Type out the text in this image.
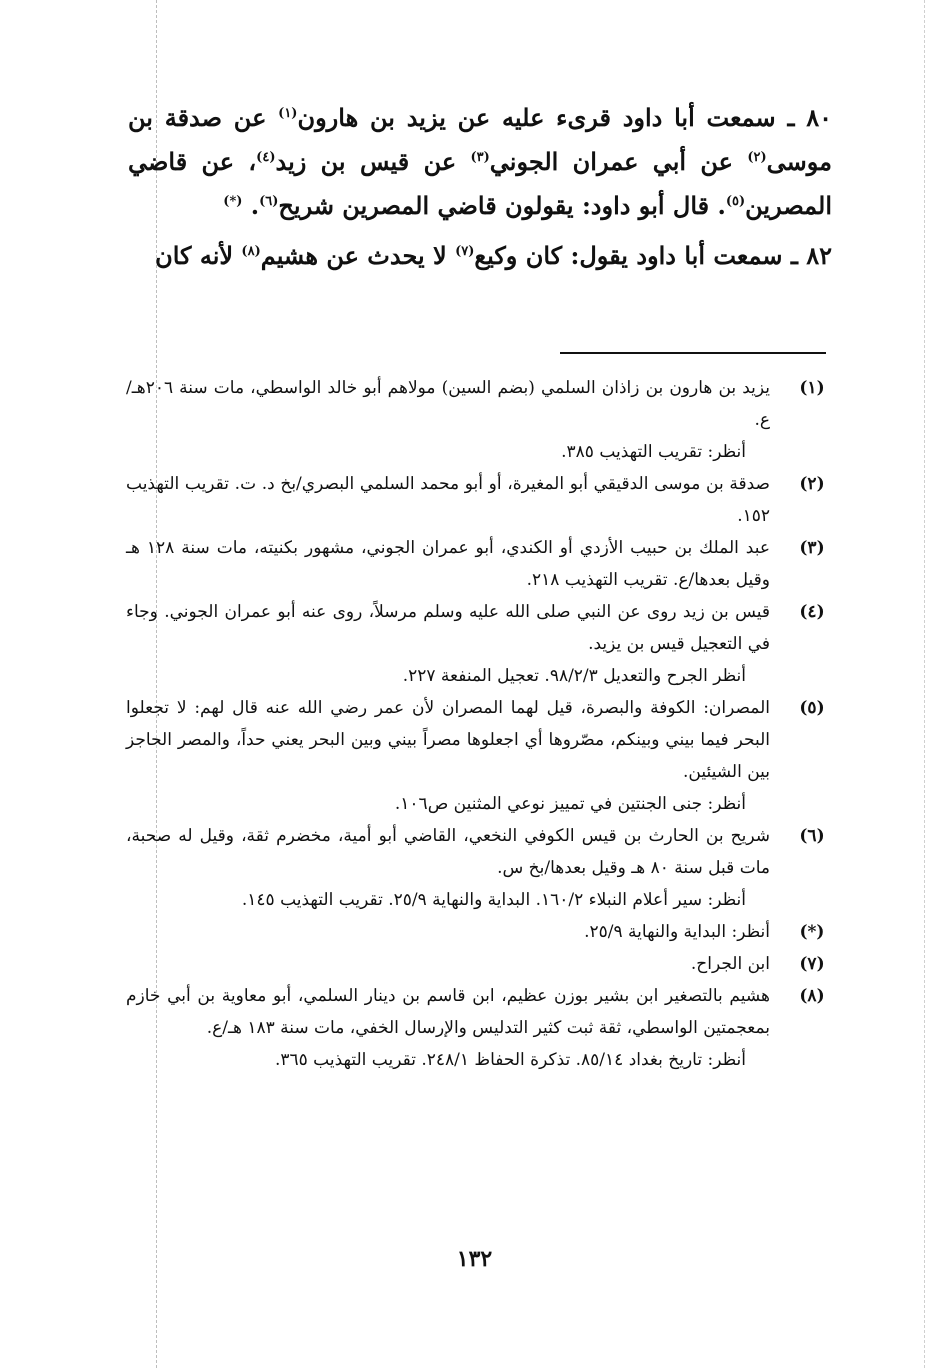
٨٠ ـ سمعت أبا داود قرىء عليه عن يزيد بن هارون$^{(١)}$ عن صدقة بن موسى$^{(٢)}$ عن أبي عمران الجوني$^{(٣)}$ عن قيس بن زيد$^{(٤)}$، عن قاضي المصرين$^{(٥)}$. قال أبو داود: يقولون قاضي المصرين شريح$^{(٦)}$. (*)

٨٢ ـ سمعت أبا داود يقول: كان وكيع$^{(٧)}$ لا يحدث عن هشيم$^{(٨)}$ لأنه كان

(١)
يزيد بن هارون بن زاذان السلمي (بضم السين) مولاهم أبو خالد الواسطي، مات سنة ٢٠٦هـ/ع.
أنظر: تقريب التهذيب ٣٨٥.
(٢)
صدقة بن موسى الدقيقي أبو المغيرة، أو أبو محمد السلمي البصري/بخ د. ت. تقريب التهذيب ١٥٢.
(٣)
عبد الملك بن حبيب الأزدي أو الكندي، أبو عمران الجوني، مشهور بكنيته، مات سنة ١٢٨ هـ وقيل بعدها/ع. تقريب التهذيب ٢١٨.
(٤)
قيس بن زيد روى عن النبي صلى الله عليه وسلم مرسلاً، روى عنه أبو عمران الجوني. وجاء في التعجيل قيس بن يزيد.
أنظر الجرح والتعديل ٩٨/٢/٣. تعجيل المنفعة ٢٢٧.
(٥)
المصران: الكوفة والبصرة، قيل لهما المصران لأن عمر رضي الله عنه قال لهم: لا تجعلوا البحر فيما بيني وبينكم، مصّروها أي اجعلوها مصراً بيني وبين البحر يعني حداً، والمصر الحاجز بين الشيئين.
أنظر: جنى الجنتين في تمييز نوعي المثنين ص١٠٦.
(٦)
شريح بن الحارث بن قيس الكوفي النخعي، القاضي أبو أمية، مخضرم ثقة، وقيل له صحبة، مات قبل سنة ٨٠ هـ وقيل بعدها/بخ س.
أنظر: سير أعلام النبلاء ١٦٠/٢. البداية والنهاية ٢٥/٩. تقريب التهذيب ١٤٥.
(*)
أنظر: البداية والنهاية ٢٥/٩.
(٧)
ابن الجراح.
(٨)
هشيم بالتصغير ابن بشير بوزن عظيم، ابن قاسم بن دينار السلمي، أبو معاوية بن أبي خازم بمعجمتين الواسطي، ثقة ثبت كثير التدليس والإرسال الخفي، مات سنة ١٨٣ هـ/ع.
أنظر: تاريخ بغداد ٨٥/١٤. تذكرة الحفاظ ٢٤٨/١. تقريب التهذيب ٣٦٥.
١٣٢
